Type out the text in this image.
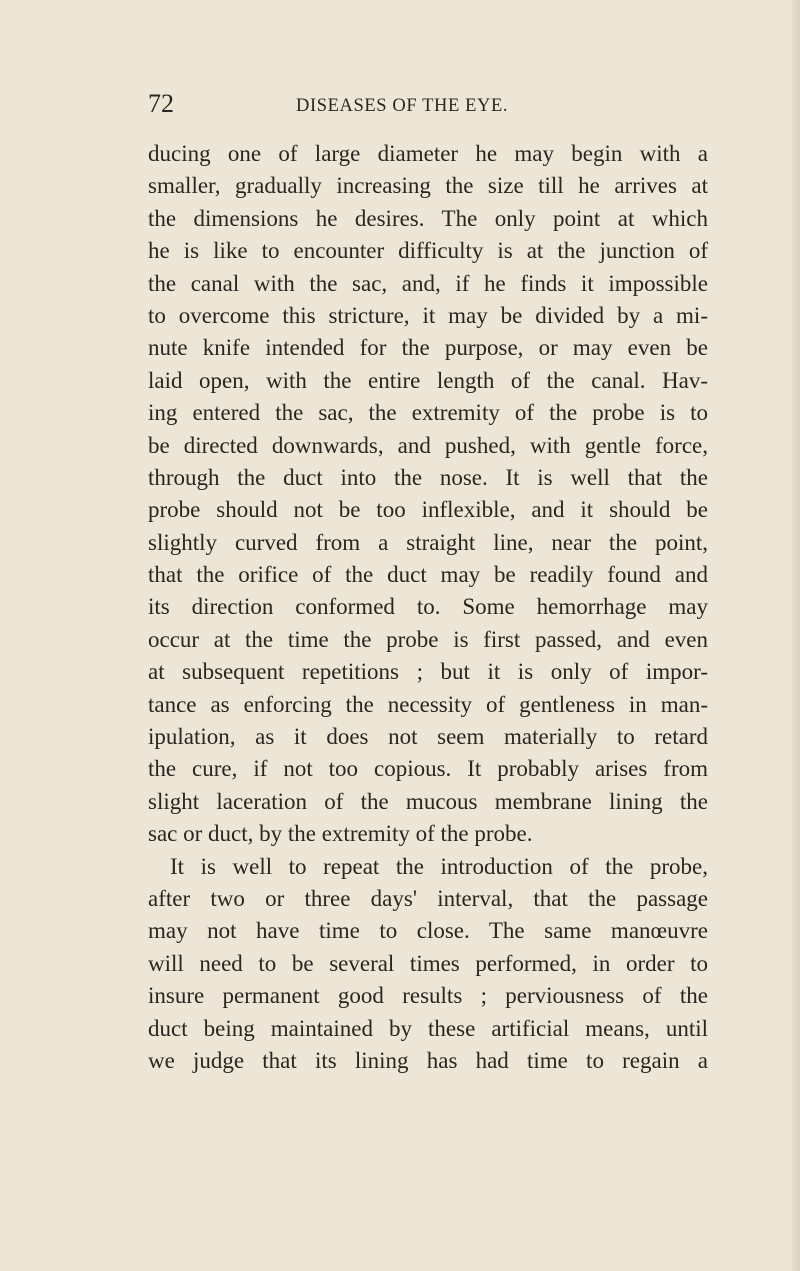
72	DISEASES OF THE EYE.
ducing one of large diameter he may begin with a
smaller, gradually increasing the size till he arrives at
the dimensions he desires. The only point at which
he is like to encounter difficulty is at the junction of
the canal with the sac, and, if he finds it impossible
to overcome this stricture, it may be divided by a mi-
nute knife intended for the purpose, or may even be
laid open, with the entire length of the canal. Hav-
ing entered the sac, the extremity of the probe is to
be directed downwards, and pushed, with gentle force,
through the duct into the nose. It is well that the
probe should not be too inflexible, and it should be
slightly curved from a straight line, near the point,
that the orifice of the duct may be readily found and
its direction conformed to. Some hemorrhage may
occur at the time the probe is first passed, and even
at subsequent repetitions ; but it is only of impor-
tance as enforcing the necessity of gentleness in man-
ipulation, as it does not seem materially to retard
the cure, if not too copious. It probably arises from
slight laceration of the mucous membrane lining the
sac or duct, by the extremity of the probe.
It is well to repeat the introduction of the probe,
after two or three days' interval, that the passage
may not have time to close. The same manœuvre
will need to be several times performed, in order to
insure permanent good results ; perviousness of the
duct being maintained by these artificial means, until
we judge that its lining has had time to regain a
